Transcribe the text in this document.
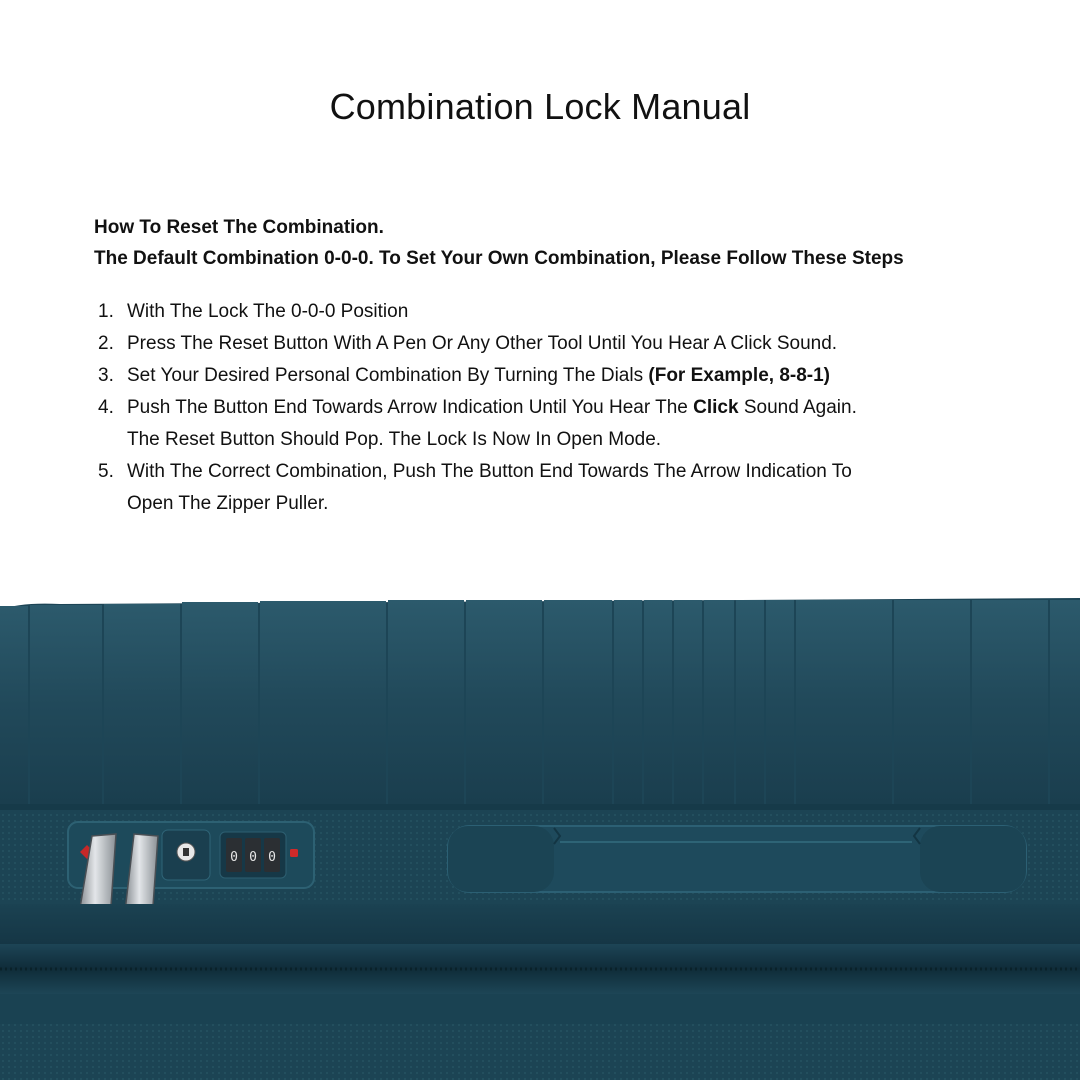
Combination Lock Manual
How To Reset The Combination.
The Default Combination 0-0-0. To Set Your Own Combination, Please Follow These Steps
1. With The Lock The 0-0-0 Position
2. Press The Reset Button With A Pen Or Any Other Tool Until You Hear A Click Sound.
3. Set Your Desired Personal Combination By Turning The Dials (For Example, 8-8-1)
4. Push The Button End Towards Arrow Indication Until You Hear The Click Sound Again.
The Reset Button Should Pop. The Lock Is Now In Open Mode.
5. With The Correct Combination, Push The Button End Towards The Arrow Indication To
Open The Zipper Puller.
0 0 0
